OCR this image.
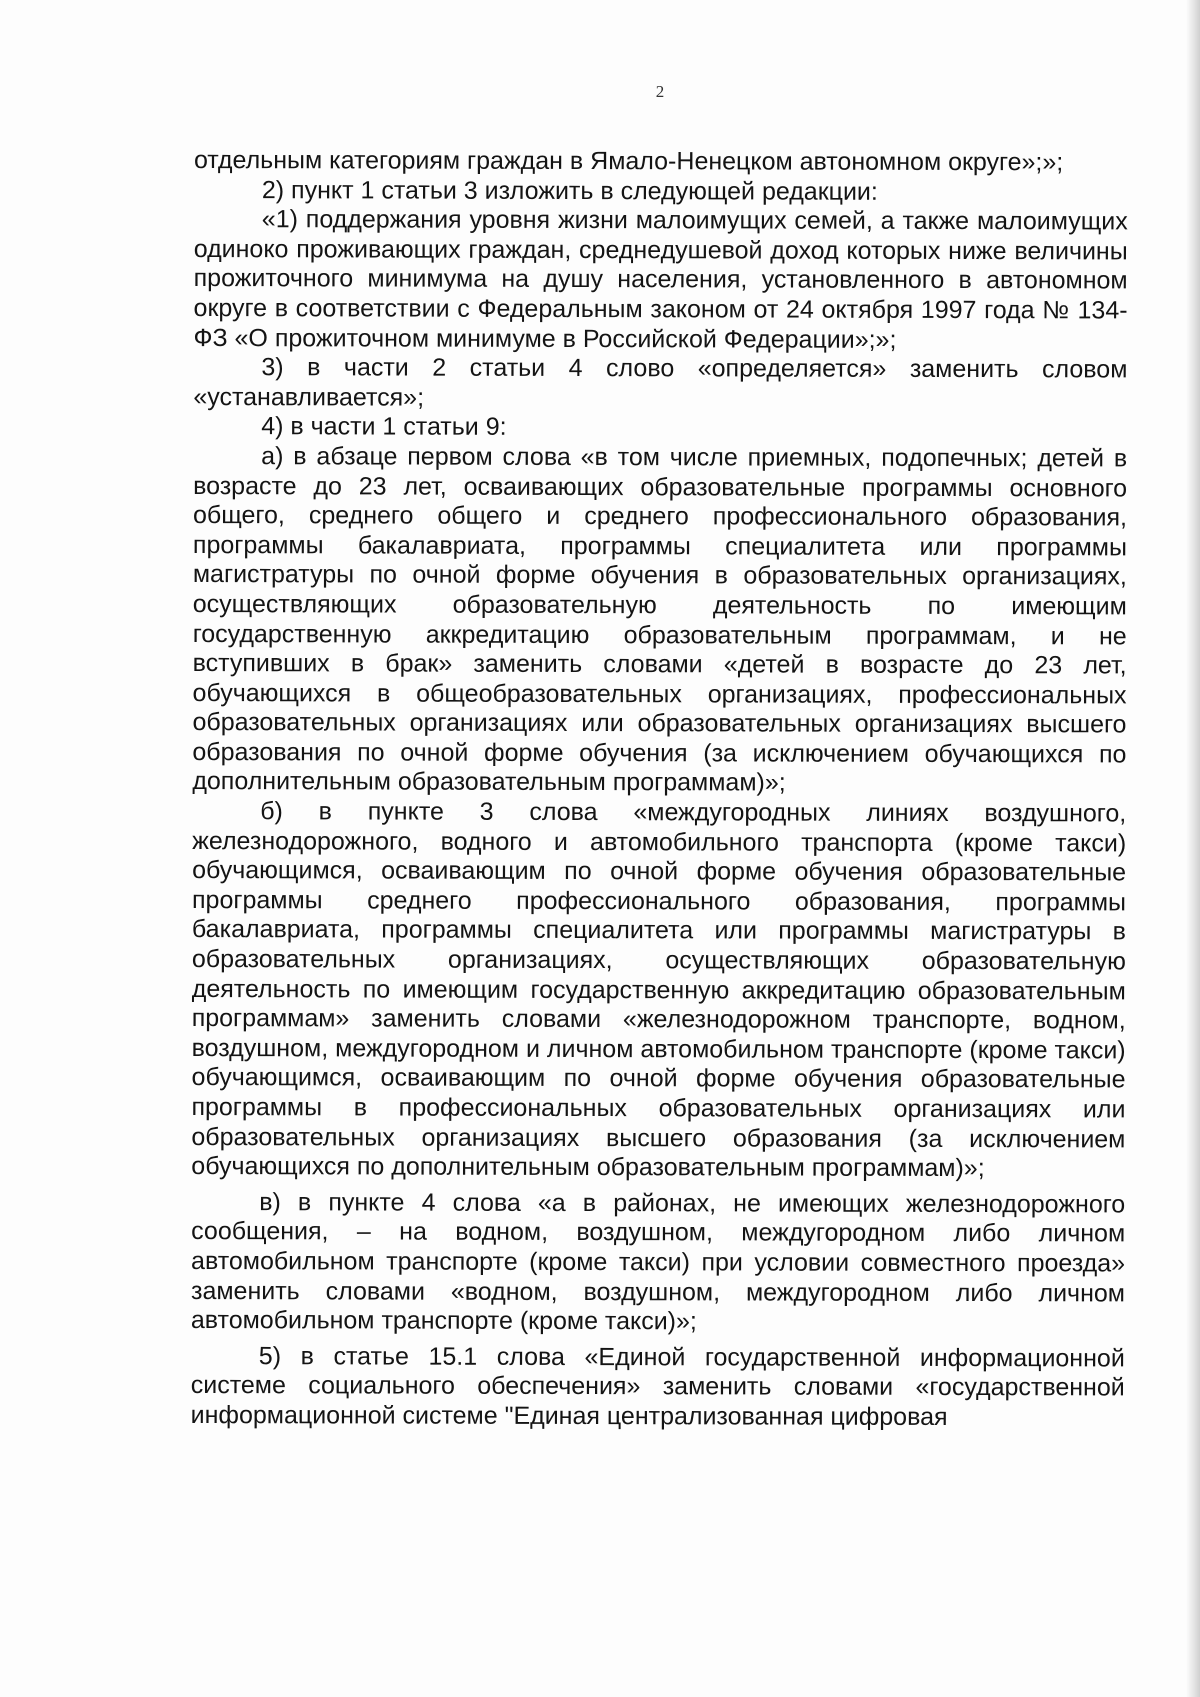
2

отдельным категориям граждан в Ямало-Ненецком автономном округе»;»;

2) пункт 1 статьи 3 изложить в следующей редакции:

«1) поддержания уровня жизни малоимущих семей, а также малоимущих одиноко проживающих граждан, среднедушевой доход которых ниже величины прожиточного минимума на душу населения, установленного в автономном округе в соответствии с Федеральным законом от 24 октября 1997 года № 134-ФЗ «О прожиточном минимуме в Российской Федерации»;»;

3) в части 2 статьи 4 слово «определяется» заменить словом «устанавливается»;

4) в части 1 статьи 9:

а) в абзаце первом слова «в том числе приемных, подопечных; детей в возрасте до 23 лет, осваивающих образовательные программы основного общего, среднего общего и среднего профессионального образования, программы бакалавриата, программы специалитета или программы магистратуры по очной форме обучения в образовательных организациях, осуществляющих образовательную деятельность по имеющим государственную аккредитацию образовательным программам, и не вступивших в брак» заменить словами «детей в возрасте до 23 лет, обучающихся в общеобразовательных организациях, профессиональных образовательных организациях или образовательных организациях высшего образования по очной форме обучения (за исключением обучающихся по дополнительным образовательным программам)»;

б) в пункте 3 слова «междугородных линиях воздушного, железнодорожного, водного и автомобильного транспорта (кроме такси) обучающимся, осваивающим по очной форме обучения образовательные программы среднего профессионального образования, программы бакалавриата, программы специалитета или программы магистратуры в образовательных организациях, осуществляющих образовательную деятельность по имеющим государственную аккредитацию образовательным программам» заменить словами «железнодорожном транспорте, водном, воздушном, междугородном и личном автомобильном транспорте (кроме такси) обучающимся, осваивающим по очной форме обучения образовательные программы в профессиональных образовательных организациях или образовательных организациях высшего образования (за исключением обучающихся по дополнительным образовательным программам)»;

в) в пункте 4 слова «а в районах, не имеющих железнодорожного сообщения, – на водном, воздушном, междугородном либо личном автомобильном транспорте (кроме такси) при условии совместного проезда» заменить словами «водном, воздушном, междугородном либо личном автомобильном транспорте (кроме такси)»;

5) в статье 15.1 слова «Единой государственной информационной системе социального обеспечения» заменить словами «государственной информационной системе "Единая централизованная цифровая
